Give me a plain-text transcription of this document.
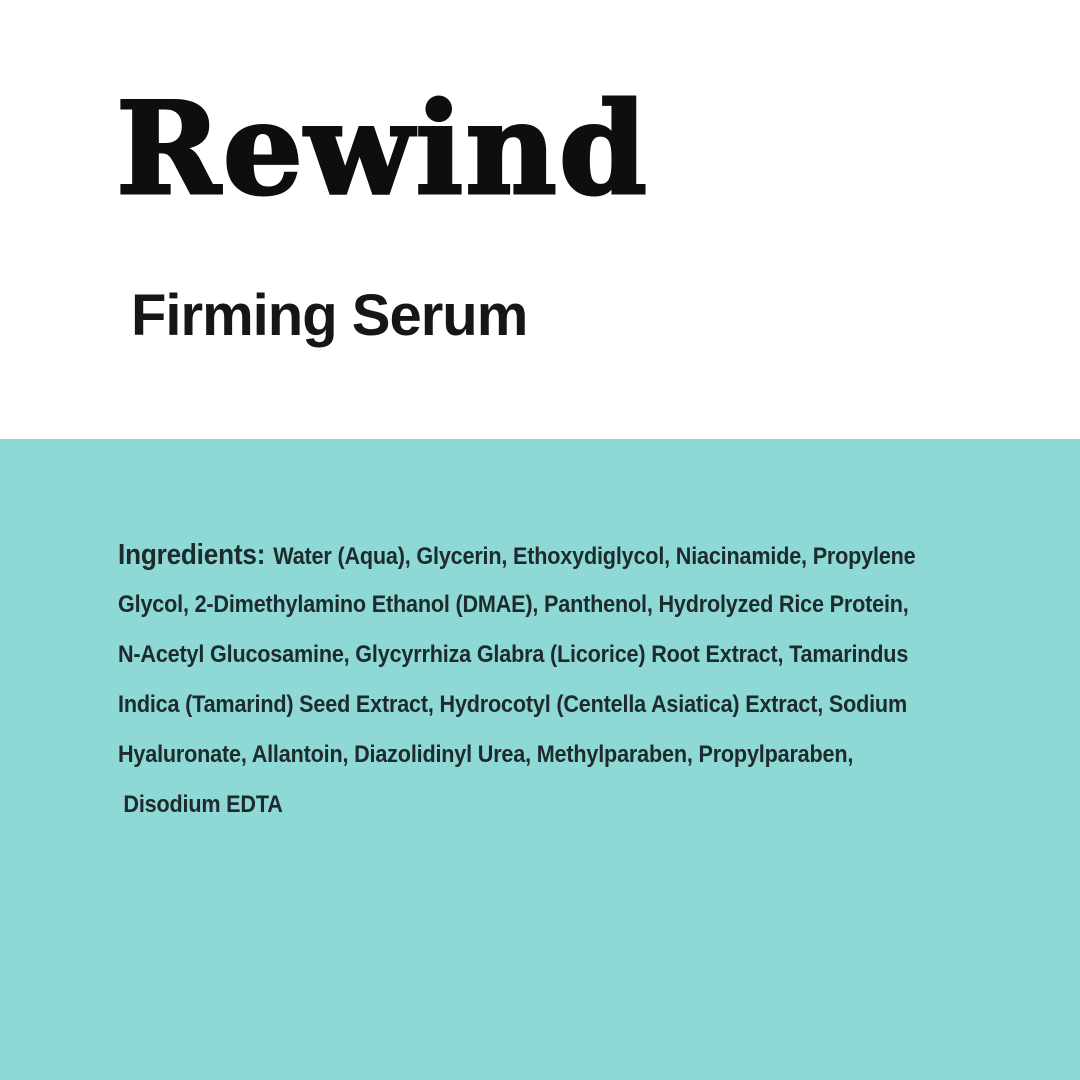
Rewind
Firming Serum
Ingredients: Water (Aqua), Glycerin, Ethoxydiglycol, Niacinamide, Propylene
Glycol, 2-Dimethylamino Ethanol (DMAE), Panthenol, Hydrolyzed Rice Protein,
N-Acetyl Glucosamine, Glycyrrhiza Glabra (Licorice) Root Extract, Tamarindus
Indica (Tamarind) Seed Extract, Hydrocotyl (Centella Asiatica) Extract, Sodium
Hyaluronate, Allantoin, Diazolidinyl Urea, Methylparaben, Propylparaben,
Disodium EDTA
